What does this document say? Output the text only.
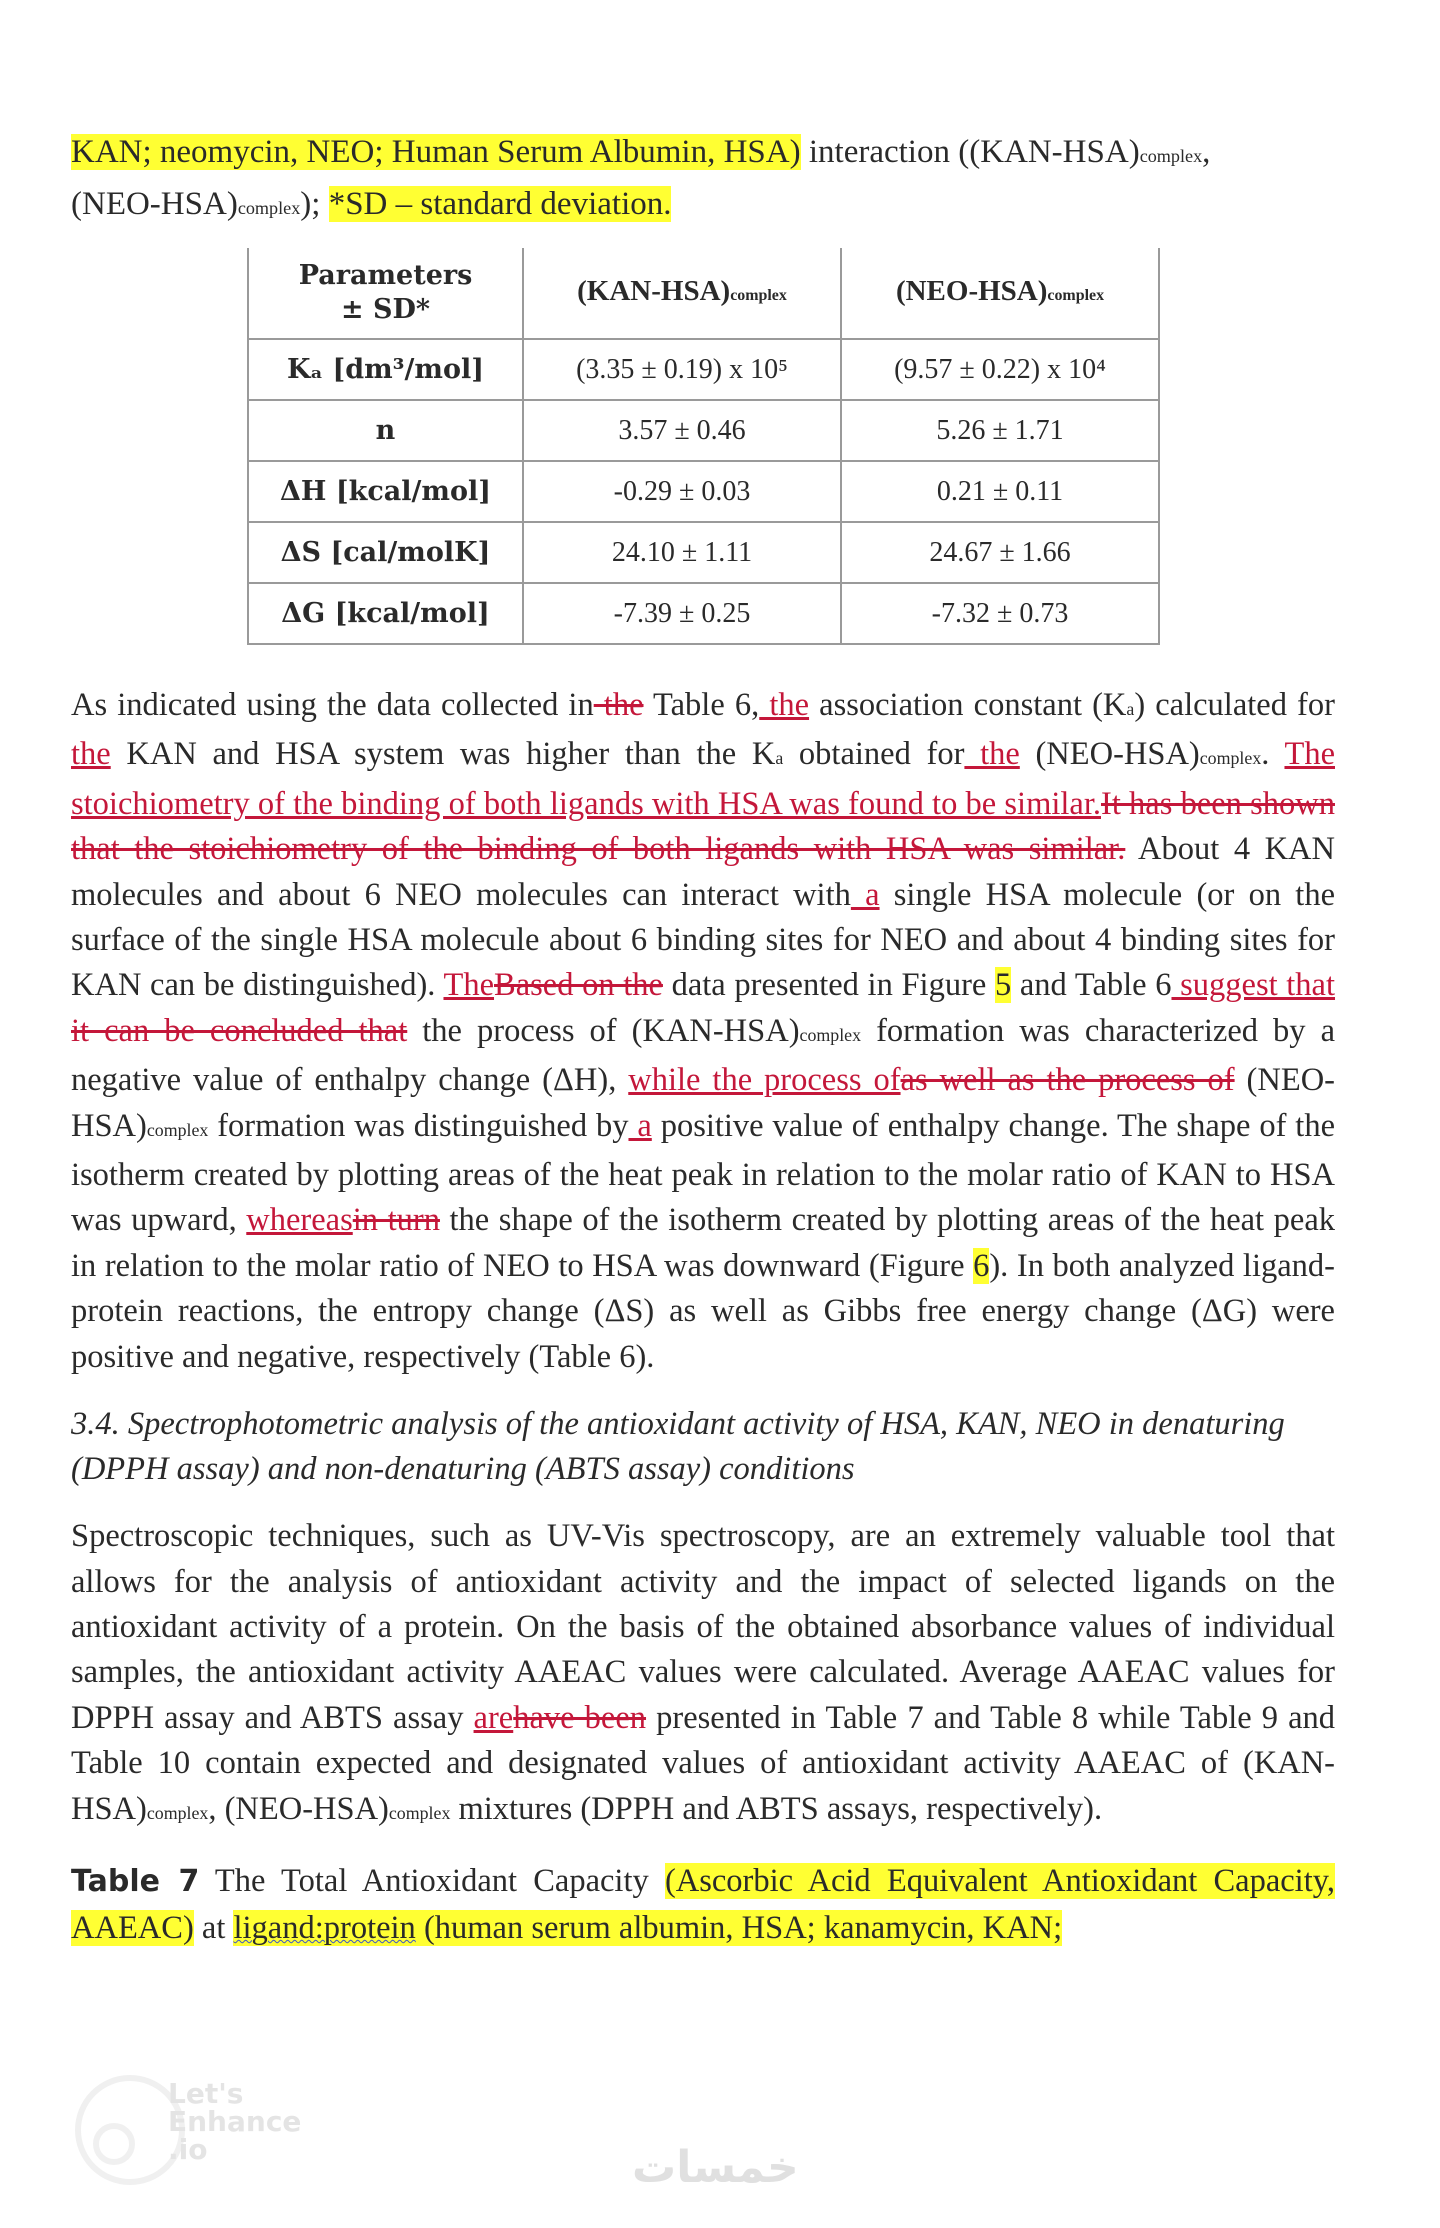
KAN; neomycin, NEO; Human Serum Albumin, HSA) interaction ((KAN-HSA)complex,
(NEO-HSA)complex); *SD – standard deviation.

Parameters
± SD*	(KAN-HSA)complex	(NEO-HSA)complex
Kₐ [dm³/mol]	(3.35 ± 0.19) x 10⁵	(9.57 ± 0.22) x 10⁴
n	3.57 ± 0.46	5.26 ± 1.71
ΔH [kcal/mol]	-0.29 ± 0.03	0.21 ± 0.11
ΔS [cal/molK]	24.10 ± 1.11	24.67 ± 1.66
ΔG [kcal/mol]	-7.39 ± 0.25	-7.32 ± 0.73

As indicated using the data collected in the Table 6, the association constant (Ka) calculated for the KAN and HSA system was higher than the Ka obtained for the (NEO-HSA)complex. The stoichiometry of the binding of both ligands with HSA was found to be similar.It has been shown that the stoichiometry of the binding of both ligands with HSA was similar. About 4 KAN molecules and about 6 NEO molecules can interact with a single HSA molecule (or on the surface of the single HSA molecule about 6 binding sites for NEO and about 4 binding sites for KAN can be distinguished). TheBased on the data presented in Figure 5 and Table 6 suggest that it can be concluded that the process of (KAN-HSA)complex formation was characterized by a negative value of enthalpy change (ΔH), while the process ofas well as the process of (NEO-HSA)complex formation was distinguished by a positive value of enthalpy change. The shape of the isotherm created by plotting areas of the heat peak in relation to the molar ratio of KAN to HSA was upward, whereasin turn the shape of the isotherm created by plotting areas of the heat peak in relation to the molar ratio of NEO to HSA was downward (Figure 6). In both analyzed ligand-protein reactions, the entropy change (ΔS) as well as Gibbs free energy change (ΔG) were positive and negative, respectively (Table 6).

3.4. Spectrophotometric analysis of the antioxidant activity of HSA, KAN, NEO in denaturing (DPPH assay) and non-denaturing (ABTS assay) conditions

Spectroscopic techniques, such as UV-Vis spectroscopy, are an extremely valuable tool that allows for the analysis of antioxidant activity and the impact of selected ligands on the antioxidant activity of a protein. On the basis of the obtained absorbance values of individual samples, the antioxidant activity AAEAC values were calculated. Average AAEAC values for DPPH assay and ABTS assay arehave been presented in Table 7 and Table 8 while Table 9 and Table 10 contain expected and designated values of antioxidant activity AAEAC of (KAN-HSA)complex, (NEO-HSA)complex mixtures (DPPH and ABTS assays, respectively).

Table 7 The Total Antioxidant Capacity (Ascorbic Acid Equivalent Antioxidant Capacity, AAEAC) at ligand:protein (human serum albumin, HSA; kanamycin, KAN;

Let's
Enhance
.io	خمسات
